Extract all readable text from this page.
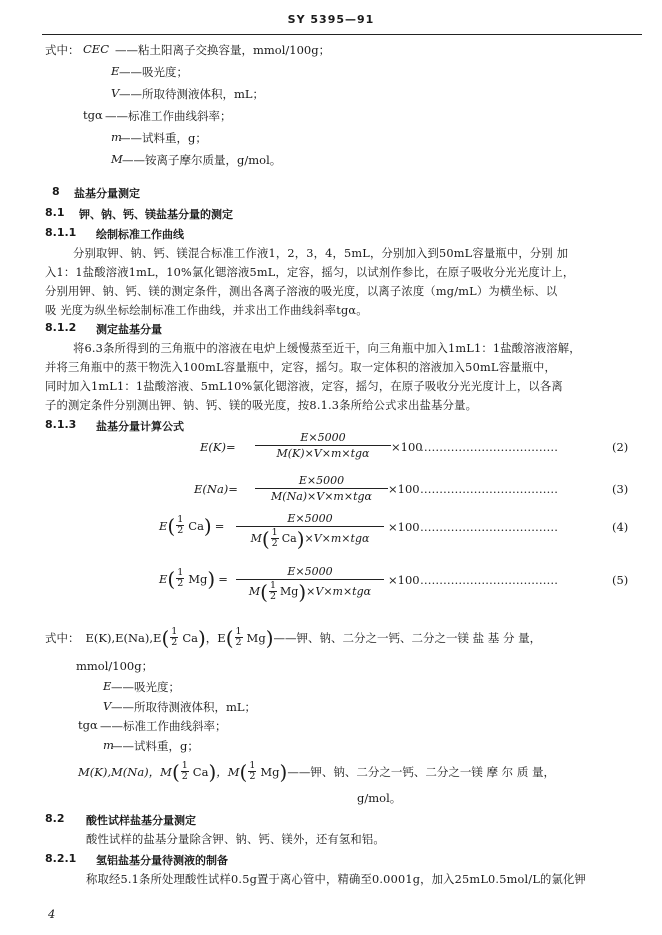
SY 5395—91
式中： CEC ——粘土阳离子交换容量，mmol/100g；
E ——吸光度；
V ——所取待测液体积，mL；
tgα ——标准工作曲线斜率；
m
——试料重，g；
M ——铵离子摩尔质量，g/mol。
8 盐基分量测定
8.1 钾、钠、钙、镁盐基分量的测定
8.1.1 绘制标准工作曲线
分别取钾、钠、钙、镁混合标准工作液1，2，3，4，5mL，分别加入到50mL容量瓶中，分别 加
入1：1盐酸溶液1mL，10%氯化锶溶液5mL，定容，摇匀，以试剂作参比，在原子吸收分光光度计上，
分别用钾、钠、钙、镁的测定条件，测出各离子溶液的吸光度，以离子浓度（mg/mL）为横坐标、以
吸 光度为纵坐标绘制标准工作曲线，并求出工作曲线斜率tgα。
8.1.2 测定盐基分量
将6.3条所得到的三角瓶中的溶液在电炉上缓慢蒸至近干，向三角瓶中加入1mL1：1盐酸溶液溶解，
并将三角瓶中的蒸干物洗入100mL容量瓶中，定容，摇匀。取一定体积的溶液加入50mL容量瓶中，
同时加入1mL1：1盐酸溶液、5mL10%氯化锶溶液，定容，摇匀，在原子吸收分光光度计上，以各离
子的测定条件分别测出钾、钠、钙、镁的吸光度，按8.1.3条所给公式求出盐基分量。
8.1.3 盐基分量计算公式
E(K)=
E×5000
M(K)×V×m×tgα ×100
………………………………	(2)
E(Na)=
E×5000
M(Na)×V×m×tgα
×100 ………………………………	(3)
E ( $\frac{1}{2}$ Ca ) =	E×5000
M ( $\frac{1}{2}$ Ca ) ×V×m×tgα
×100 ………………………………	(4)
E ( $\frac{1}{2}$ Mg ) =	E×5000
M ( $\frac{1}{2}$ Mg ) ×V×m×tgα
×100 ………………………………	(5)
式中： E(K),E(Na),E ( $\frac{1}{2}$ Ca ) ，E ( $\frac{1}{2}$ Mg ) ——钾、钠、二分之一钙、二分之一镁 盐 基 分 量，
mmol/100g；
E ——吸光度；
V ——所取待测液体积，mL；
tgα ——标准工作曲线斜率；
m
——试料重，g；
M(K),M(Na)，M ( $\frac{1}{2}$ Ca ) ，M ( $\frac{1}{2}$ Mg ) ——钾、钠、二分之一钙、二分之一镁 摩 尔 质 量，
g/mol。
8.2 酸性试样盐基分量测定
酸性试样的盐基分量除含钾、钠、钙、镁外，还有氢和铝。
8.2.1 氢铝盐基分量待测液的制备
称取经5.1条所处理酸性试样0.5g置于离心管中，精确至0.0001g，加入25mL0.5mol/L的氯化钾
4
